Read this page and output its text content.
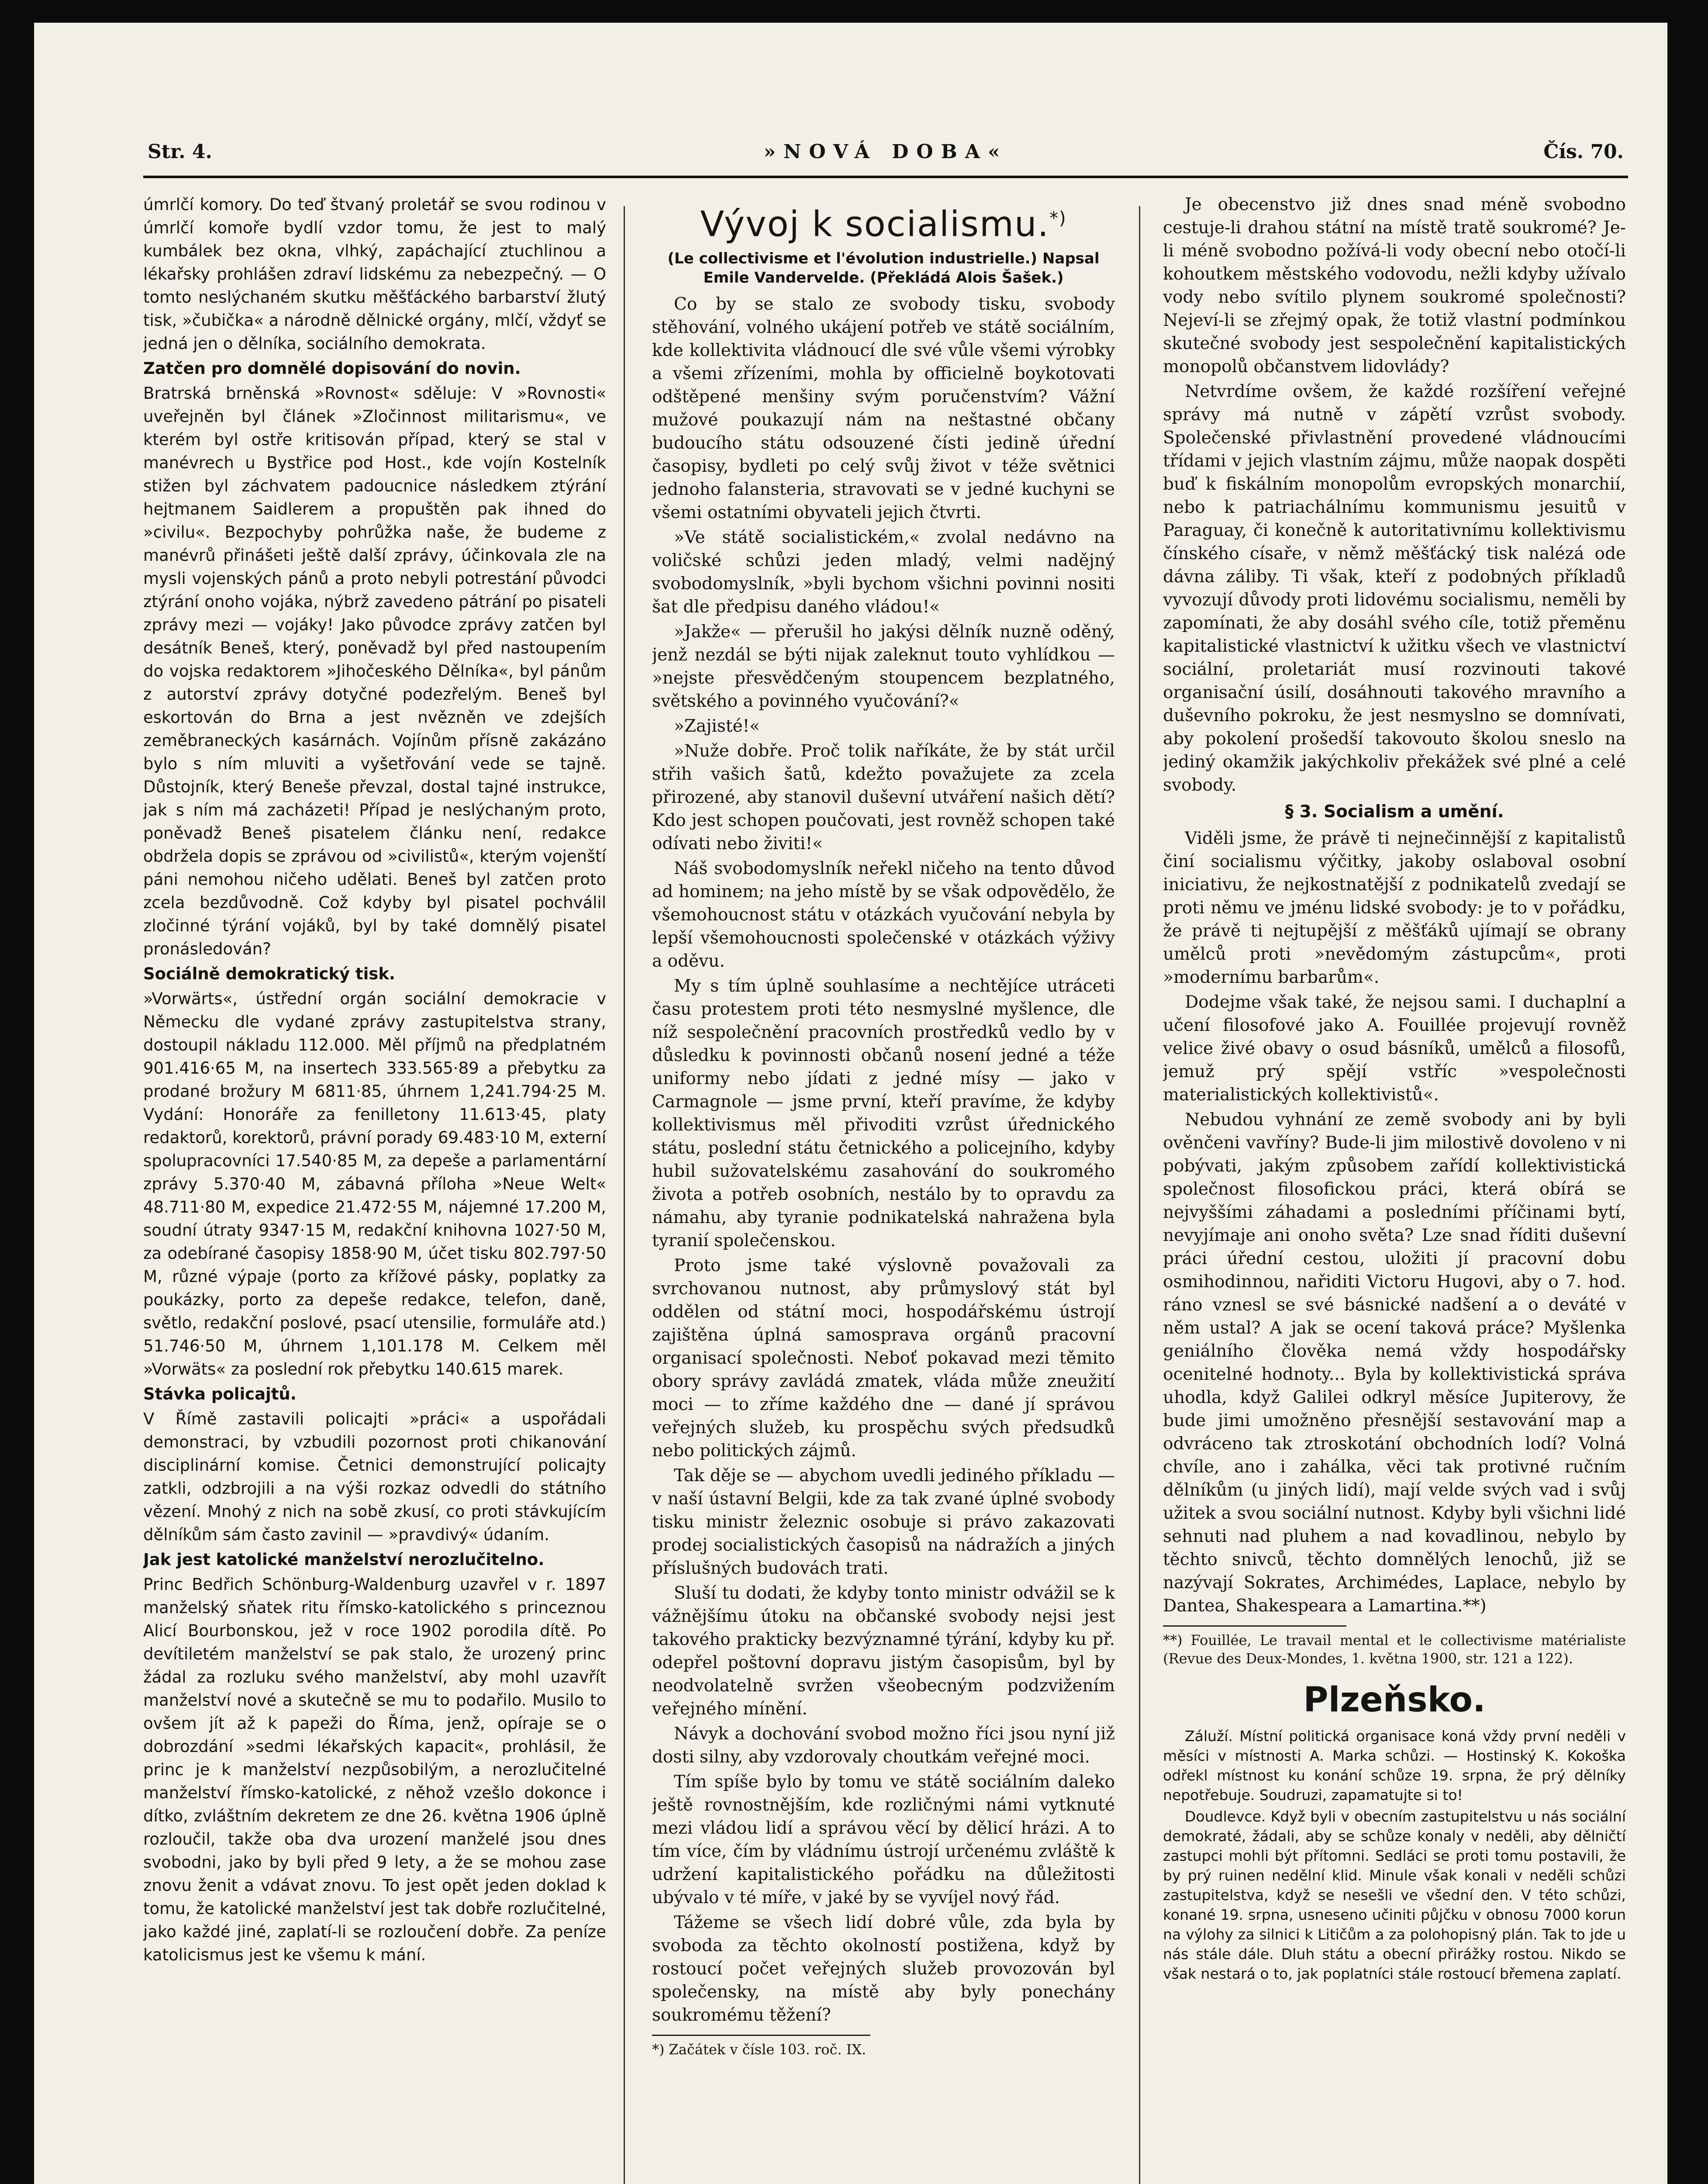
Str. 4.	»NOVÁ DOBA«	Čís. 70.

úmrlčí komory. Do teď štvaný proletář se svou rodinou v úmrlčí komoře bydlí vzdor tomu, že jest to malý kumbálek bez okna, vlhký, zapáchající ztuchlinou a lékařsky prohlášen zdraví lidskému za nebezpečný. — O tomto neslýchaném skutku měšťáckého barbarství žlutý tisk, »čubička« a národně dělnické orgány, mlčí, vždyť se jedná jen o dělníka, sociálního demokrata.

Zatčen pro domnělé dopisování do novin.

Bratrská brněnská »Rovnost« sděluje: V »Rovnosti« uveřejněn byl článek »Zločinnost militarismu«, ve kterém byl ostře kritisován případ, který se stal v manévrech u Bystřice pod Host., kde vojín Kostelník stižen byl záchvatem padoucnice následkem ztýrání hejtmanem Saidlerem a propuštěn pak ihned do »civilu«. Bezpochyby pohrůžka naše, že budeme z manévrů přinášeti ještě další zprávy, účinkovala zle na mysli vojenských pánů a proto nebyli potrestání původci ztýrání onoho vojáka, nýbrž zavedeno pátrání po pisateli zprávy mezi — vojáky! Jako původce zprávy zatčen byl desátník Beneš, který, poněvadž byl před nastoupením do vojska redaktorem »Jihočeského Dělníka«, byl pánům z autorství zprávy dotyčné podezřelým. Beneš byl eskortován do Brna a jest nvězněn ve zdejších zeměbraneckých kasárnách. Vojínům přísně zakázáno bylo s ním mluviti a vyšetřování vede se tajně. Důstojník, který Beneše převzal, dostal tajné instrukce, jak s ním má zacházeti! Případ je neslýchaným proto, poněvadž Beneš pisatelem článku není, redakce obdržela dopis se zprávou od »civilistů«, kterým vojenští páni nemohou ničeho udělati. Beneš byl zatčen proto zcela bezdůvodně. Což kdyby byl pisatel pochválil zločinné týrání vojáků, byl by také domnělý pisatel pronásledován?

Sociálně demokratický tisk.

»Vorwärts«, ústřední orgán sociální demokracie v Německu dle vydané zprávy zastupitelstva strany, dostoupil nákladu 112.000. Měl příjmů na předplatném 901.416·65 M, na insertech 333.565·89 a přebytku za prodané brožury M 6811·85, úhrnem 1,241.794·25 M. Vydání: Honoráře za fenilletony 11.613·45, platy redaktorů, korektorů, právní porady 69.483·10 M, externí spolupracovníci 17.540·85 M, za depeše a parlamentární zprávy 5.370·40 M, zábavná příloha »Neue Welt« 48.711·80 M, expedice 21.472·55 M, nájemné 17.200 M, soudní útraty 9347·15 M, redakční knihovna 1027·50 M, za odebírané časopisy 1858·90 M, účet tisku 802.797·50 M, různé výpaje (porto za křížové pásky, poplatky za poukázky, porto za depeše redakce, telefon, daně, světlo, redakční poslové, psací utensilie, formuláře atd.) 51.746·50 M, úhrnem 1,101.178 M. Celkem měl »Vorwäts« za poslední rok přebytku 140.615 marek.

Stávka policajtů.

V Římě zastavili policajti »práci« a uspořádali demonstraci, by vzbudili pozornost proti chikanování disciplinární komise. Četnici demonstrující policajty zatkli, odzbrojili a na výši rozkaz odvedli do státního vězení. Mnohý z nich na sobě zkusí, co proti stávkujícím dělníkům sám často zavinil — »pravdivý« údaním.

Jak jest katolické manželství nerozlučitelno.

Princ Bedřich Schönburg-Waldenburg uzavřel v r. 1897 manželský sňatek ritu římsko-katolického s princeznou Alicí Bourbonskou, jež v roce 1902 porodila dítě. Po devítiletém manželství se pak stalo, že urozený princ žádal za rozluku svého manželství, aby mohl uzavřít manželství nové a skutečně se mu to podařilo. Musilo to ovšem jít až k papeži do Říma, jenž, opíraje se o dobrozdání »sedmi lékařských kapacit«, prohlásil, že princ je k manželství nezpůsobilým, a nerozlučitelné manželství římsko-katolické, z něhož vzešlo dokonce i dítko, zvláštním dekretem ze dne 26. května 1906 úplně rozloučil, takže oba dva urození manželé jsou dnes svobodni, jako by byli před 9 lety, a že se mohou zase znovu ženit a vdávat znovu. To jest opět jeden doklad k tomu, že katolické manželství jest tak dobře rozlučitelné, jako každé jiné, zaplatí-li se rozloučení dobře. Za peníze katolicismus jest ke všemu k mání.

Vývoj k socialismu.*)

(Le collectivisme et l'évolution industrielle.) Napsal Emile Vandervelde. (Překládá Alois Šašek.)

Co by se stalo ze svobody tisku, svobody stěhování, volného ukájení potřeb ve státě sociálním, kde kollektivita vládnoucí dle své vůle všemi výrobky a všemi zřízeními, mohla by officielně boykotovati odštěpené menšiny svým poručenstvím? Vážní mužové poukazují nám na neštastné občany budoucího státu odsouzené čísti jedině úřední časopisy, bydleti po celý svůj život v téže světnici jednoho falansteria, stravovati se v jedné kuchyni se všemi ostatními obyvateli jejich čtvrti.

»Ve státě socialistickém,« zvolal nedávno na voličské schůzi jeden mladý, velmi nadějný svobodomyslník, »byli bychom všichni povinni nositi šat dle předpisu daného vládou!«

»Jakže« — přerušil ho jakýsi dělník nuzně oděný, jenž nezdál se býti nijak zaleknut touto vyhlídkou — »nejste přesvědčeným stoupencem bezplatného, světského a povinného vyučování?«

»Zajisté!«

»Nuže dobře. Proč tolik naříkáte, že by stát určil střih vašich šatů, kdežto považujete za zcela přirozené, aby stanovil duševní utváření našich dětí? Kdo jest schopen poučovati, jest rovněž schopen také odívati nebo živiti!«

Náš svobodomyslník neřekl ničeho na tento důvod ad hominem; na jeho místě by se však odpovědělo, že všemohoucnost státu v otázkách vyučování nebyla by lepší všemohoucnosti společenské v otázkách výživy a oděvu.

My s tím úplně souhlasíme a nechtějíce utráceti času protestem proti této nesmyslné myšlence, dle níž sespolečnění pracovních prostředků vedlo by v důsledku k povinnosti občanů nosení jedné a téže uniformy nebo jídati z jedné mísy — jako v Carmagnole — jsme první, kteří pravíme, že kdyby kollektivismus měl přivoditi vzrůst úřednického státu, poslední státu četnického a policejního, kdyby hubil sužovatelskému zasahování do soukromého života a potřeb osobních, nestálo by to opravdu za námahu, aby tyranie podnikatelská nahražena byla tyranií společenskou.

Proto jsme také výslovně považovali za svrchovanou nutnost, aby průmyslový stát byl oddělen od státní moci, hospodářskému ústrojí zajištěna úplná samosprava orgánů pracovní organisací společnosti. Neboť pokavad mezi těmito obory správy zavládá zmatek, vláda může zneužití moci — to zříme každého dne — dané jí správou veřejných služeb, ku prospěchu svých předsudků nebo politických zájmů.

Tak děje se — abychom uvedli jediného příkladu — v naší ústavní Belgii, kde za tak zvané úplné svobody tisku ministr železnic osobuje si právo zakazovati prodej socialistických časopisů na nádražích a jiných příslušných budovách trati.

Sluší tu dodati, že kdyby tonto ministr odvážil se k vážnějšímu útoku na občanské svobody nejsi jest takového prakticky bezvýznamné týrání, kdyby ku př. odepřel poštovní dopravu jistým časopisům, byl by neodvolatelně svržen všeobecným podzvižením veřejného mínění.

Návyk a dochování svobod možno říci jsou nyní již dosti silny, aby vzdorovaly choutkám veřejné moci.

Tím spíše bylo by tomu ve státě sociálním daleko ještě rovnostnějším, kde rozličnými námi vytknuté mezi vládou lidí a správou věcí by dělicí hrázi. A to tím více, čím by vládnímu ústrojí určenému zvláště k udržení kapitalistického pořádku na důležitosti ubývalo v té míře, v jaké by se vyvíjel nový řád.

Tážeme se všech lidí dobré vůle, zda byla by svoboda za těchto okolností postižena, když by rostoucí počet veřejných služeb provozován byl společensky, na místě aby byly ponechány soukromému těžení?

*) Začátek v čísle 103. roč. IX.

Je obecenstvo již dnes snad méně svobodno cestuje-li drahou státní na místě tratě soukromé? Je-li méně svobodno požívá-li vody obecní nebo otočí-li kohoutkem městského vodovodu, nežli kdyby užívalo vody nebo svítilo plynem soukromé společnosti? Nejeví-li se zřejmý opak, že totiž vlastní podmínkou skutečné svobody jest sespolečnění kapitalistických monopolů občanstvem lidovlády?

Netvrdíme ovšem, že každé rozšíření veřejné správy má nutně v zápětí vzrůst svobody. Společenské přivlastnění provedené vládnoucími třídami v jejich vlastním zájmu, může naopak dospěti buď k fiskálním monopolům evropských monarchií, nebo k patriachálnímu kommunismu jesuitů v Paraguay, či konečně k autoritativnímu kollektivismu čínského císaře, v němž měšťácký tisk nalézá ode dávna záliby. Ti však, kteří z podobných příkladů vyvozují důvody proti lidovému socialismu, neměli by zapomínati, že aby dosáhl svého cíle, totiž přeměnu kapitalistické vlastnictví k užitku všech ve vlastnictví sociální, proletariát musí rozvinouti takové organisační úsilí, dosáhnouti takového mravního a duševního pokroku, že jest nesmyslno se domnívati, aby pokolení prošedší takovouto školou sneslo na jediný okamžik jakýchkoliv překážek své plné a celé svobody.

§ 3. Socialism a umění.

Viděli jsme, že právě ti nejnečinnější z kapitalistů činí socialismu výčitky, jakoby oslaboval osobní iniciativu, že nejkostnatější z podnikatelů zvedají se proti němu ve jménu lidské svobody: je to v pořádku, že právě ti nejtupější z měšťáků ujímají se obrany umělců proti »nevědomým zástupcům«, proti »modernímu barbarům«.

Dodejme však také, že nejsou sami. I duchaplní a učení filosofové jako A. Fouillée projevují rovněž velice živé obavy o osud básníků, umělců a filosofů, jemuž prý spějí vstříc »vespolečnosti materialistických kollektivistů«.

Nebudou vyhnání ze země svobody ani by byli ověnčeni vavříny? Bude-li jim milostivě dovoleno v ni pobývati, jakým způsobem zařídí kollektivistická společnost filosofickou práci, která obírá se nejvyššími záhadami a posledními příčinami bytí, nevyjímaje ani onoho světa? Lze snad říditi duševní práci úřední cestou, uložiti jí pracovní dobu osmihodinnou, nařiditi Victoru Hugovi, aby o 7. hod. ráno vznesl se své básnické nadšení a o deváté v něm ustal? A jak se ocení taková práce? Myšlenka geniálního člověka nemá vždy hospodářsky ocenitelné hodnoty... Byla by kollektivistická správa uhodla, když Galilei odkryl měsíce Jupiterovy, že bude jimi umožněno přesnější sestavování map a odvráceno tak ztroskotání obchodních lodí? Volná chvíle, ano i zahálka, věci tak protivné ručním dělníkům (u jiných lidí), mají velde svých vad i svůj užitek a svou sociální nutnost. Kdyby byli všichni lidé sehnuti nad pluhem a nad kovadlinou, nebylo by těchto snivců, těchto domnělých lenochů, již se nazývají Sokrates, Archimédes, Laplace, nebylo by Dantea, Shakespeara a Lamartina.**)

**) Fouillée, Le travail mental et le collectivisme matérialiste (Revue des Deux-Mondes, 1. května 1900, str. 121 a 122).

Plzeňsko.

Záluží. Místní politická organisace koná vždy první neděli v měsíci v místnosti A. Marka schůzi. — Hostinský K. Kokoška odřekl místnost ku konání schůze 19. srpna, že prý dělníky nepotřebuje. Soudruzi, zapamatujte si to!

Doudlevce. Když byli v obecním zastupitelstvu u nás sociální demokraté, žádali, aby se schůze konaly v neděli, aby dělničtí zastupci mohli být přítomni. Sedláci se proti tomu postavili, že by prý ruinen nedělní klid. Minule však konali v neděli schůzi zastupitelstva, když se nesešli ve všední den. V této schůzi, konané 19. srpna, usneseno učiniti půjčku v obnosu 7000 korun na výlohy za silnici k Litičům a za polohopisný plán. Tak to jde u nás stále dále. Dluh státu a obecní přirážky rostou. Nikdo se však nestará o to, jak poplatníci stále rostoucí břemena zaplatí.
